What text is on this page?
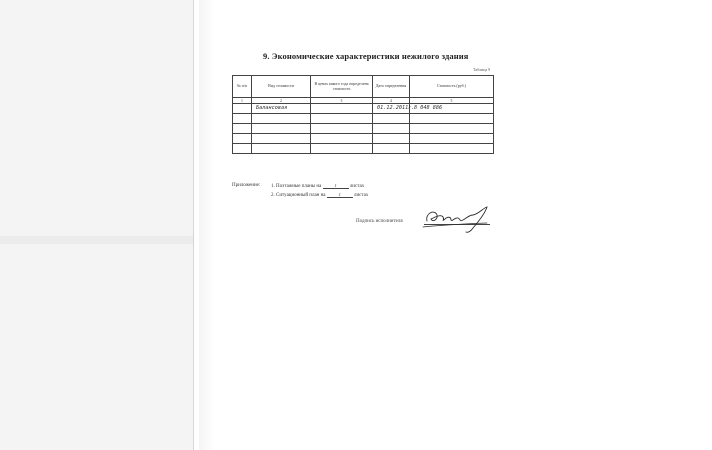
9. Экономические характеристики нежилого здания
Таблица 9
№ п/п	Вид стоимости	В ценах какого года определена стоимость	Дата определения	Стоимость (руб.)
1	2	3	4	5
	Балансовая		01.12.2011г.	8 048 886

Приложение: 1. Поэтажные планы на	1	листах
2. Ситуационный план на	1	листах
Подпись исполнителя
